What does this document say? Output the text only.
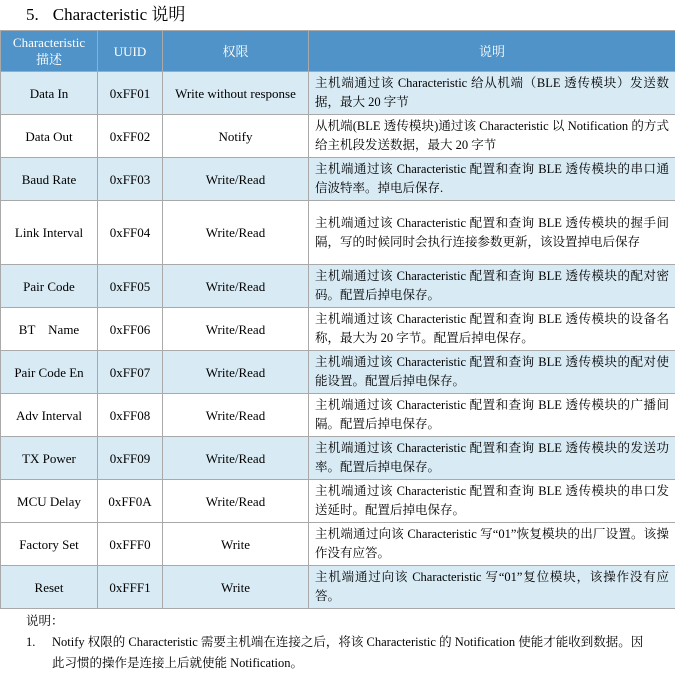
5. Characteristic 说明
Characteristic
描述	UUID	权限	说明
Data In	0xFF01	Write without response	主机端通过该 Characteristic 给从机端（BLE 透传模块）发送数据，最大 20 字节
Data Out	0xFF02	Notify	从机端(BLE 透传模块)通过该 Characteristic 以 Notification 的方式给主机段发送数据，最大 20 字节
Baud Rate	0xFF03	Write/Read	主机端通过该 Characteristic 配置和查询 BLE 透传模块的串口通信波特率。掉电后保存.
Link Interval	0xFF04	Write/Read	主机端通过该 Characteristic 配置和查询 BLE 透传模块的握手间隔，写的时候同时会执行连接参数更新，该设置掉电后保存
Pair Code	0xFF05	Write/Read	主机端通过该 Characteristic 配置和查询 BLE 透传模块的配对密码。配置后掉电保存。
BT    Name	0xFF06	Write/Read	主机端通过该 Characteristic 配置和查询 BLE 透传模块的设备名称，最大为 20 字节。配置后掉电保存。
Pair Code En	0xFF07	Write/Read	主机端通过该 Characteristic 配置和查询 BLE 透传模块的配对使能设置。配置后掉电保存。
Adv Interval	0xFF08	Write/Read	主机端通过该 Characteristic 配置和查询 BLE 透传模块的广播间隔。配置后掉电保存。
TX Power	0xFF09	Write/Read	主机端通过该 Characteristic 配置和查询 BLE 透传模块的发送功率。配置后掉电保存。
MCU Delay	0xFF0A	Write/Read	主机端通过该 Characteristic 配置和查询 BLE 透传模块的串口发送延时。配置后掉电保存。
Factory Set	0xFFF0	Write	主机端通过向该 Characteristic 写“01”恢复模块的出厂设置。该操作没有应答。
Reset	0xFFF1	Write	主机端通过向该 Characteristic 写“01”复位模块，该操作没有应答。
说明：
1.	Notify 权限的 Characteristic 需要主机端在连接之后，将该 Characteristic 的 Notification 使能才能收到数据。因此习惯的操作是连接上后就使能 Notification。
